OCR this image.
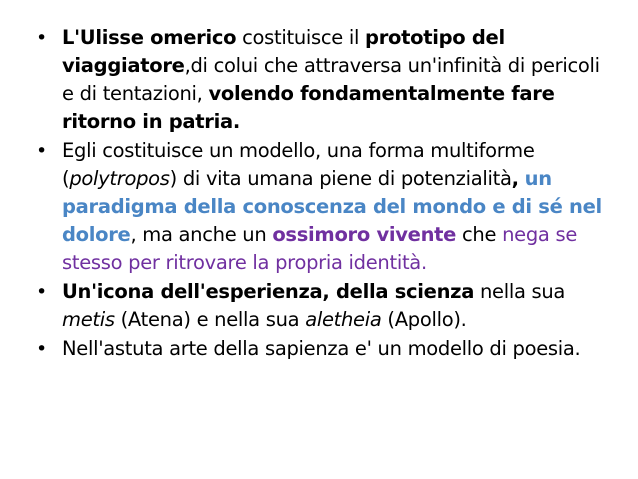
• L'Ulisse omerico costituisce il prototipo del viaggiatore,di colui che attraversa un'infinità di pericoli e di tentazioni, volendo fondamentalmente fare ritorno in patria.
• Egli costituisce un modello, una forma multiforme (polytropos) di vita umana piene di potenzialità, un paradigma della conoscenza del mondo e di sé nel dolore, ma anche un ossimoro vivente che nega se stesso per ritrovare la propria identità.
• Un'icona dell'esperienza, della scienza nella sua metis (Atena) e nella sua aletheia (Apollo).
• Nell'astuta arte della sapienza e' un modello di poesia.
